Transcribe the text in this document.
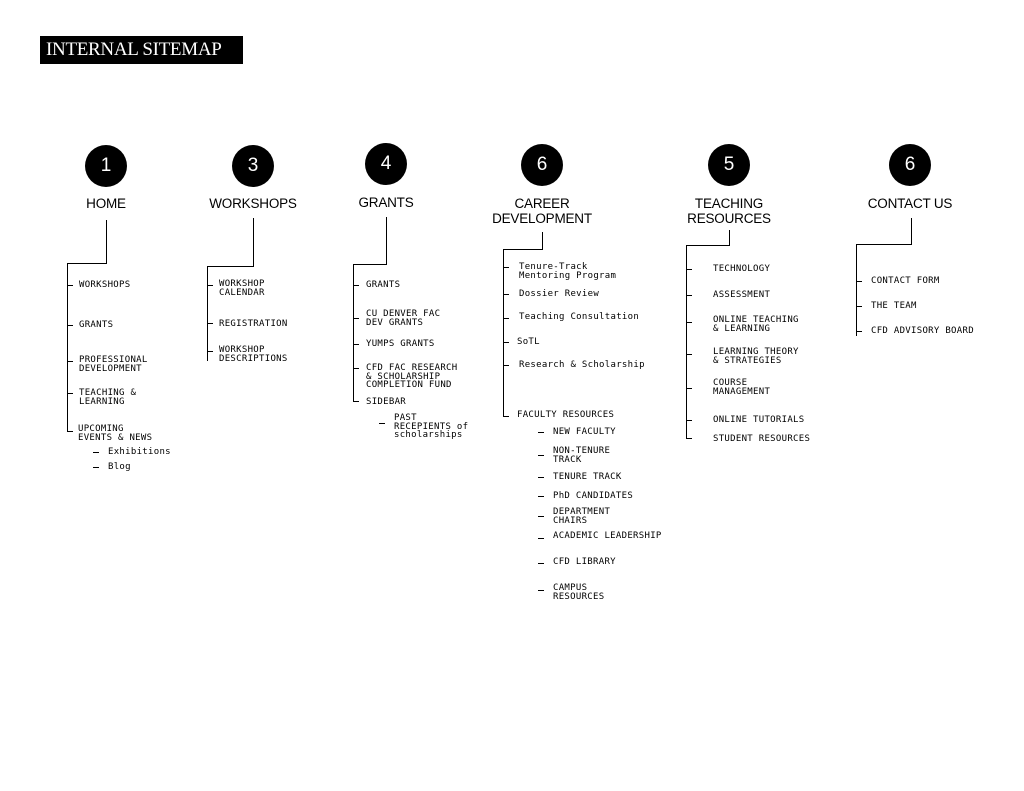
INTERNAL SITEMAP
1
HOME
WORKSHOPS
GRANTS
PROFESSIONAL
DEVELOPMENT
TEACHING &
LEARNING
UPCOMING
EVENTS & NEWS
Exhibitions
Blog
3
WORKSHOPS
WORKSHOP
CALENDAR
REGISTRATION
WORKSHOP
DESCRIPTIONS
4
GRANTS
GRANTS
CU DENVER FAC
DEV GRANTS
YUMPS GRANTS
CFD FAC RESEARCH
& SCHOLARSHIP
COMPLETION FUND
SIDEBAR
PAST
RECEPIENTS of
scholarships
6
CAREER
DEVELOPMENT
Tenure-Track
Mentoring Program
Dossier Review
Teaching Consultation
SoTL
Research & Scholarship
FACULTY RESOURCES
NEW FACULTY
NON-TENURE
TRACK
TENURE TRACK
PhD CANDIDATES
DEPARTMENT
CHAIRS
ACADEMIC LEADERSHIP
CFD LIBRARY
CAMPUS
RESOURCES
5
TEACHING
RESOURCES
TECHNOLOGY
ASSESSMENT
ONLINE TEACHING
& LEARNING
LEARNING THEORY
& STRATEGIES
COURSE
MANAGEMENT
ONLINE TUTORIALS
STUDENT RESOURCES
6
CONTACT US
CONTACT FORM
THE TEAM
CFD ADVISORY BOARD
